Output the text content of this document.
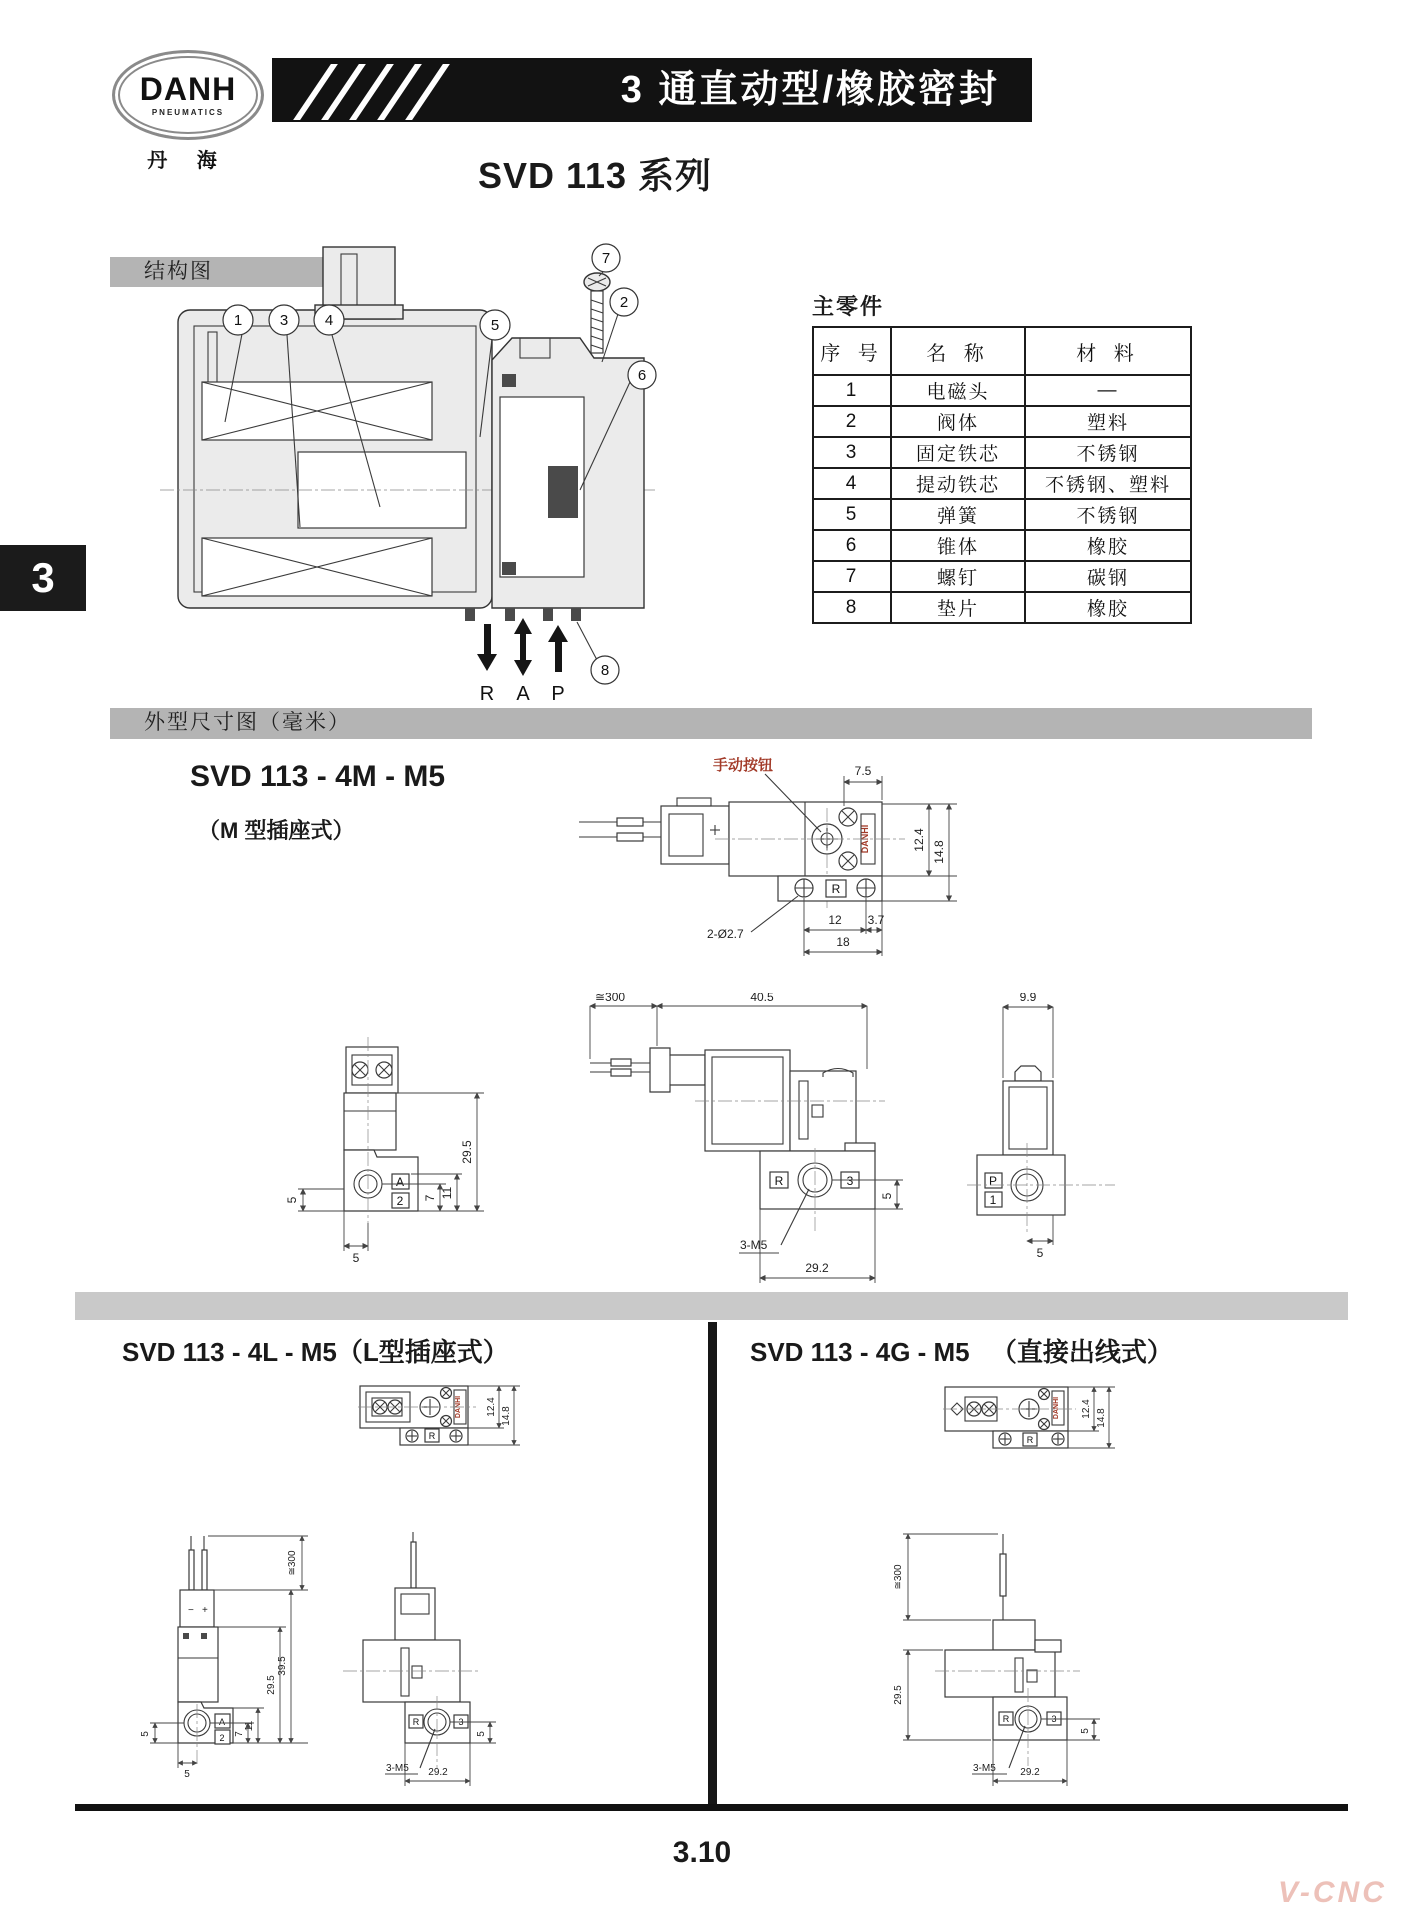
DANH
PNEUMATICS
丹 海
3 通直动型/橡胶密封
SVD 113 系列
3
结构图
R A P
1	3 4	5
7
2
6
8
主零件
序 号	名 称	材 料
1	电磁头	—
2	阀体	塑料
3	固定铁芯	不锈钢
4	提动铁芯	不锈钢、塑料
5	弹簧	不锈钢
6	锥体	橡胶
7	螺钉	碳钢
8	垫片	橡胶
外型尺寸图（毫米）
SVD 113 - 4M - M5
（M 型插座式）	DANHI
R
手动按钮	7.5
12.4
14.8
12 3.7
18
2-Ø2.7
A
2
5
5
7 11
29.5
≅300	40.5
R	3
5
3-M5
29.2
9.9
P
1
5
SVD 113 - 4L - M5（L型插座式）	SVD 113 - 4G - M5 （直接出线式）
DANHI
R
12.4 14.8
− +
A
2
≅300
39.5
29.5
11
7
5
5
R	3
5
3-M5 29.2
DANHI
R
12.4 14.8
R	3
≅300
29.5
5
3-M5 29.2
3.10
V-CNC
